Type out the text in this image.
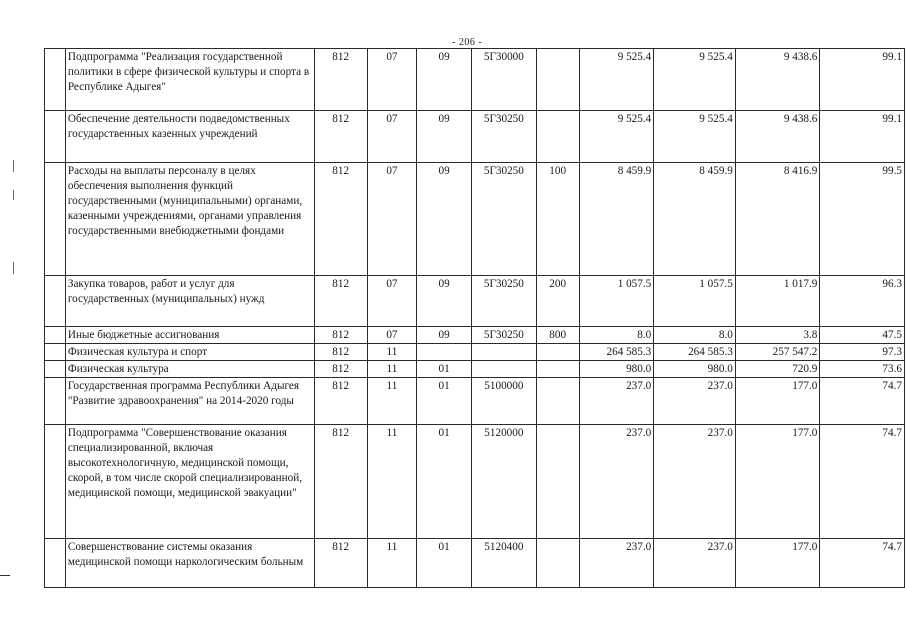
- 206 -
	Подпрограмма "Реализация государственной политики в сфере физической культуры и спорта в Республике Адыгея"	812	07	09	5Г30000		9 525.4	9 525.4	9 438.6	99.1
	Обеспечение деятельности подведомственных государственных казенных учреждений	812	07	09	5Г30250		9 525.4	9 525.4	9 438.6	99.1
	Расходы на выплаты персоналу в целях обеспечения выполнения функций государственными (муниципальными) органами, казенными учреждениями, органами управления государственными внебюджетными фондами	812	07	09	5Г30250	100	8 459.9	8 459.9	8 416.9	99.5
	Закупка товаров, работ и услуг для государственных (муниципальных) нужд	812	07	09	5Г30250	200	1 057.5	1 057.5	1 017.9	96.3
	Иные бюджетные ассигнования	812	07	09	5Г30250	800	8.0	8.0	3.8	47.5
	Физическая культура и спорт	812	11				264 585.3	264 585.3	257 547.2	97.3
	Физическая культура	812	11	01			980.0	980.0	720.9	73.6
	Государственная программа Республики Адыгея "Развитие здравоохранения" на 2014-2020 годы	812	11	01	5100000		237.0	237.0	177.0	74.7
	Подпрограмма "Совершенствование оказания специализированной, включая высокотехнологичную, медицинской помощи, скорой, в том числе скорой специализированной, медицинской помощи, медицинской эвакуации"	812	11	01	5120000		237.0	237.0	177.0	74.7
	Совершенствование системы оказания медицинской помощи наркологическим больным	812	11	01	5120400		237.0	237.0	177.0	74.7
